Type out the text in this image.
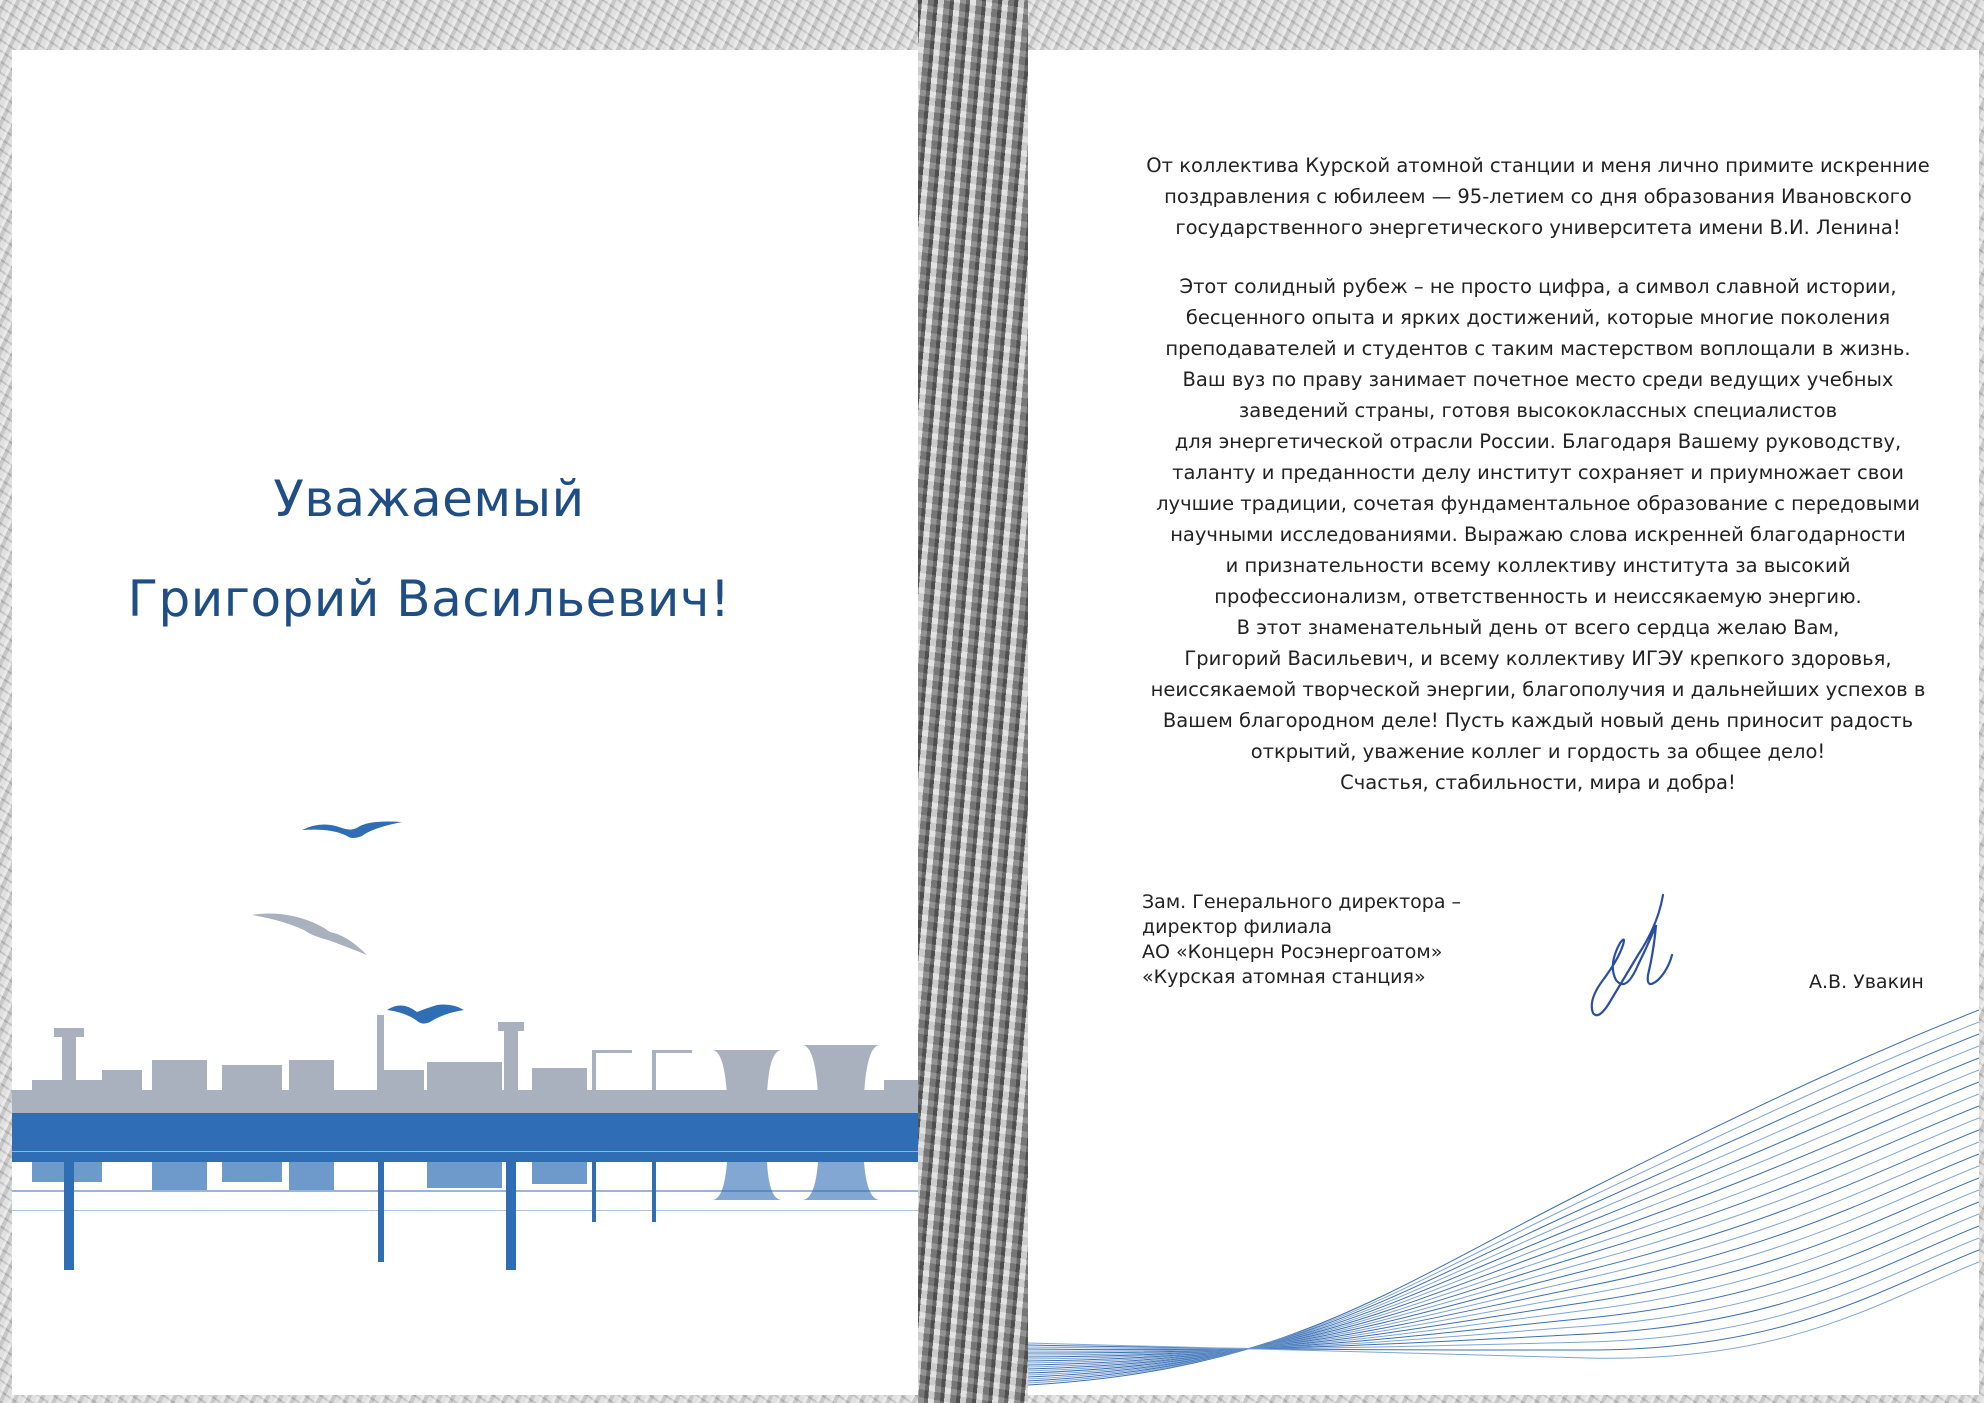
Уважаемый
Григорий Васильевич!

От коллектива Курской атомной станции и меня лично примите искренние

поздравления с юбилеем — 95-летием со дня образования Ивановского

государственного энергетического университета имени В.И. Ленина!

Этот солидный рубеж – не просто цифра, а символ славной истории,

бесценного опыта и ярких достижений, которые многие поколения

преподавателей и студентов с таким мастерством воплощали в жизнь.

Ваш вуз по праву занимает почетное место среди ведущих учебных

заведений страны, готовя высококлассных специалистов

для энергетической отрасли России. Благодаря Вашему руководству,

таланту и преданности делу институт сохраняет и приумножает свои

лучшие традиции, сочетая фундаментальное образование с передовыми

научными исследованиями. Выражаю слова искренней благодарности

и признательности всему коллективу института за высокий

профессионализм, ответственность и неиссякаемую энергию.

В этот знаменательный день от всего сердца желаю Вам,

Григорий Васильевич, и всему коллективу ИГЭУ крепкого здоровья,

неиссякаемой творческой энергии, благополучия и дальнейших успехов в

Вашем благородном деле! Пусть каждый новый день приносит радость

открытий, уважение коллег и гордость за общее дело!

Счастья, стабильности, мира и добра!

Зам. Генерального директора –
директор филиала
АО «Концерн Росэнергоатом»
«Курская атомная станция»	А.В. Увакин
